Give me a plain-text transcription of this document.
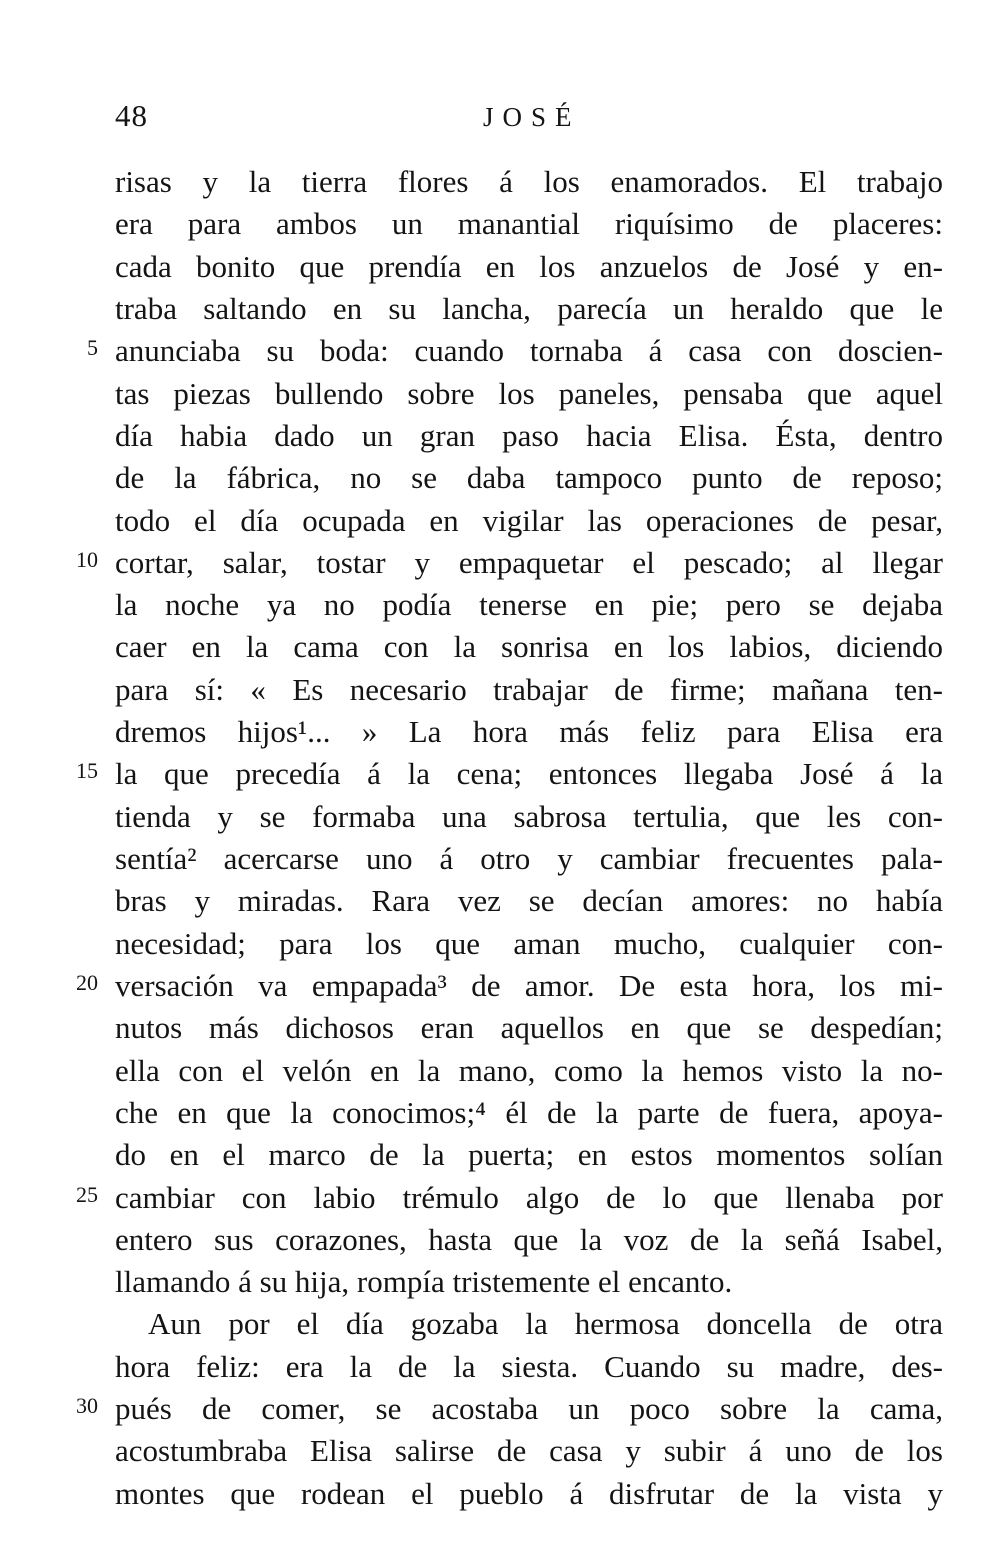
48	JOSÉ
risas y la tierra flores á los enamorados. El trabajo
era para ambos un manantial riquísimo de placeres:
cada bonito que prendía en los anzuelos de José y en-
traba saltando en su lancha, parecía un heraldo que le
5 anunciaba su boda: cuando tornaba á casa con doscien-
tas piezas bullendo sobre los paneles, pensaba que aquel
día habia dado un gran paso hacia Elisa. Ésta, dentro
de la fábrica, no se daba tampoco punto de reposo;
todo el día ocupada en vigilar las operaciones de pesar,
10 cortar, salar, tostar y empaquetar el pescado; al llegar
la noche ya no podía tenerse en pie; pero se dejaba
caer en la cama con la sonrisa en los labios, diciendo
para sí: « Es necesario trabajar de firme; mañana ten-
dremos hijos¹... » La hora más feliz para Elisa era
15 la que precedía á la cena; entonces llegaba José á la
tienda y se formaba una sabrosa tertulia, que les con-
sentía² acercarse uno á otro y cambiar frecuentes pala-
bras y miradas. Rara vez se decían amores: no había
necesidad; para los que aman mucho, cualquier con-
20 versación va empapada³ de amor. De esta hora, los mi-
nutos más dichosos eran aquellos en que se despedían;
ella con el velón en la mano, como la hemos visto la no-
che en que la conocimos;⁴ él de la parte de fuera, apoya-
do en el marco de la puerta; en estos momentos solían
25 cambiar con labio trémulo algo de lo que llenaba por
entero sus corazones, hasta que la voz de la señá Isabel,
llamando á su hija, rompía tristemente el encanto.
Aun por el día gozaba la hermosa doncella de otra
hora feliz: era la de la siesta. Cuando su madre, des-
30 pués de comer, se acostaba un poco sobre la cama,
acostumbraba Elisa salirse de casa y subir á uno de los
montes que rodean el pueblo á disfrutar de la vista y
